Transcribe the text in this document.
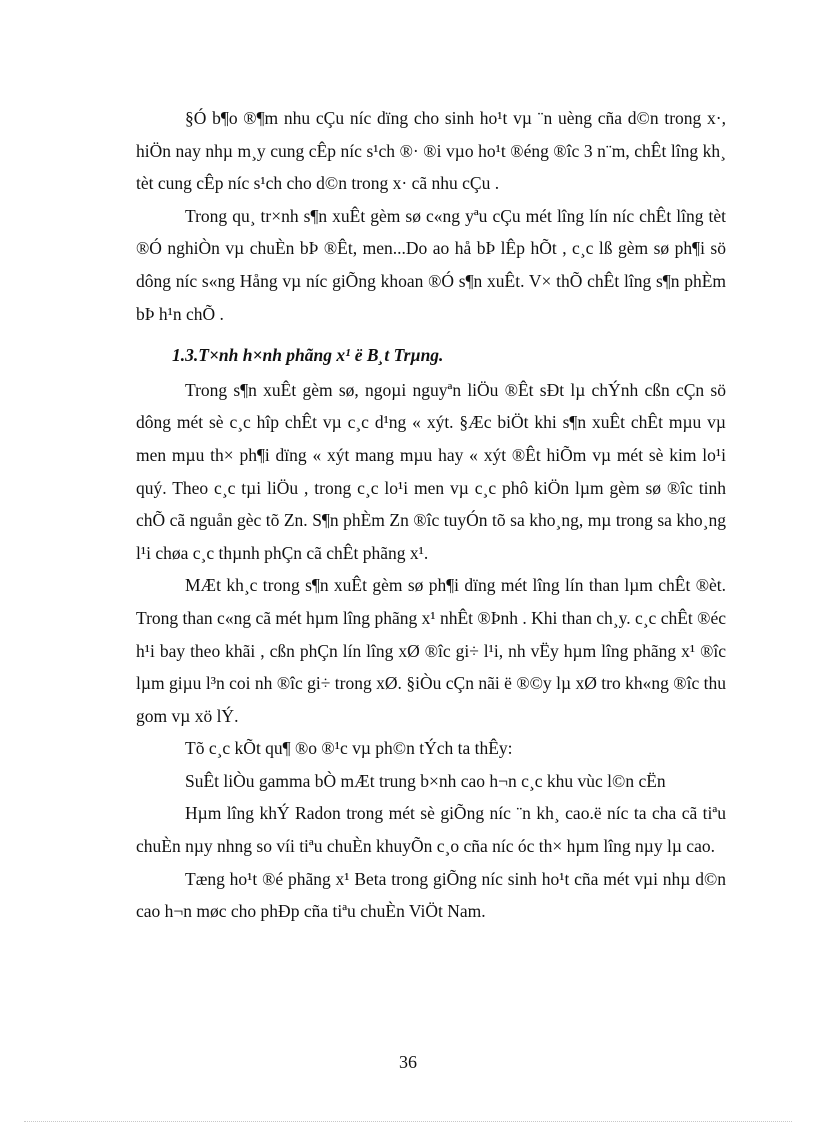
§Ó b¶o ®¶m nhu cÇu níc dïng cho sinh ho¹t vµ ¨n uèng cña d©n trong x·, hiÖn nay nhµ m¸y cung cÊp níc s¹ch ®· ®i vµo ho¹t ®éng ®îc 3 n¨m, chÊt lîng kh¸ tèt cung cÊp níc s¹ch cho d©n trong x· cã nhu cÇu .

Trong qu¸ tr×nh s¶n xuÊt gèm sø c«ng yªu cÇu mét lîng lín níc chÊt lîng tèt ®Ó nghiÒn vµ chuÈn bÞ ®Êt, men...Do ao hå bÞ lÊp hÕt , c¸c lß gèm sø ph¶i sö dông níc s«ng Hång vµ níc giÕng khoan ®Ó s¶n xuÊt. V× thÕ chÊt lîng s¶n phÈm bÞ h¹n chÕ .

1.3.T×nh h×nh phãng x¹ ë B¸t Trµng.

Trong s¶n xuÊt gèm sø, ngoµi nguyªn liÖu ®Êt sÐt lµ chÝnh cßn cÇn sö dông mét sè c¸c hîp chÊt vµ c¸c d¹ng « xýt. §Æc biÖt khi s¶n xuÊt chÊt mµu vµ men mµu th× ph¶i dïng « xýt mang mµu hay « xýt ®Êt hiÕm vµ mét sè kim lo¹i quý. Theo c¸c tµi liÖu , trong c¸c lo¹i men vµ c¸c phô kiÖn lµm gèm sø ®îc tinh chÕ cã nguån gèc tõ Zn. S¶n phÈm Zn ®îc tuyÓn tõ sa kho¸ng, mµ trong sa kho¸ng l¹i chøa c¸c thµnh phÇn cã chÊt phãng x¹.

MÆt kh¸c trong s¶n xuÊt gèm sø ph¶i dïng mét lîng lín than lµm chÊt ®èt. Trong than c«ng cã mét hµm lîng phãng x¹ nhÊt ®Þnh . Khi than ch¸y. c¸c chÊt ®éc h¹i bay theo khãi , cßn phÇn lín lîng xØ ®îc gi÷ l¹i, nh vËy hµm lîng phãng x¹ ®îc lµm giµu l³n coi nh ®îc gi÷ trong xØ. §iÒu cÇn nãi ë ®©y lµ xØ tro kh«ng ®îc thu gom vµ xö lÝ.

Tõ c¸c kÕt qu¶ ®o ®¹c vµ ph©n tÝch ta thÊy:

SuÊt liÒu gamma bÒ mÆt trung b×nh cao h¬n c¸c khu vùc l©n cËn

Hµm lîng khÝ Radon trong mét sè giÕng níc ¨n kh¸ cao.ë níc ta cha cã tiªu chuÈn nµy nhng so víi tiªu chuÈn khuyÕn c¸o cña níc óc th× hµm lîng nµy lµ cao.

Tæng ho¹t ®é phãng x¹ Beta trong giÕng níc sinh ho¹t cña mét vµi nhµ d©n cao h¬n møc cho phÐp cña tiªu chuÈn ViÖt Nam.

36
